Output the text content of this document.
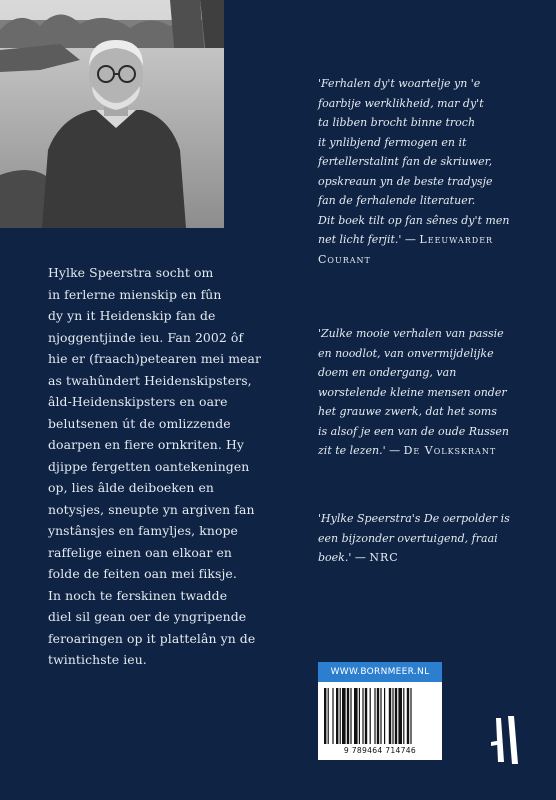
Hylke Speerstra socht om

in ferlerne mienskip en fûn

dy yn it Heidenskip fan de

njoggentjinde ieu. Fan 2002 ôf

hie er (fraach)petearen mei mear

as twahûndert Heidenskipsters,

âld-Heidenskipsters en oare

belutsenen út de omlizzende

doarpen en fiere ornkriten. Hy

djippe fergetten oantekeningen

op, lies âlde deiboeken en

notysjes, sneupte yn argiven fan

ynstânsjes en famyljes, knope

raffelige einen oan elkoar en

folde de feiten oan mei fiksje.

In noch te ferskinen twadde

diel sil gean oer de yngripende

feroaringen op it plattelân yn de

twintichste ieu.

'Ferhalen dy't woartelje yn 'e
foarbije werklikheid, mar dy't
ta libben brocht binne troch
it ynlibjend fermogen en it
fertellerstalint fan de skriuwer,
opskreaun yn de beste tradysje
fan de ferhalende literatuer.
Dit boek tilt op fan sênes dy't men
net licht ferjit.' — Leeuwarder Courant
'Zulke mooie verhalen van passie
en noodlot, van onvermijdelijke
doem en ondergang, van
worstelende kleine mensen onder
het grauwe zwerk, dat het soms
is alsof je een van de oude Russen
zit te lezen.' — De Volkskrant
'Hylke Speerstra's De oerpolder is
een bijzonder overtuigend, fraai
boek.' — NRC
WWW.BORNMEER.NL
9 789464 714746
